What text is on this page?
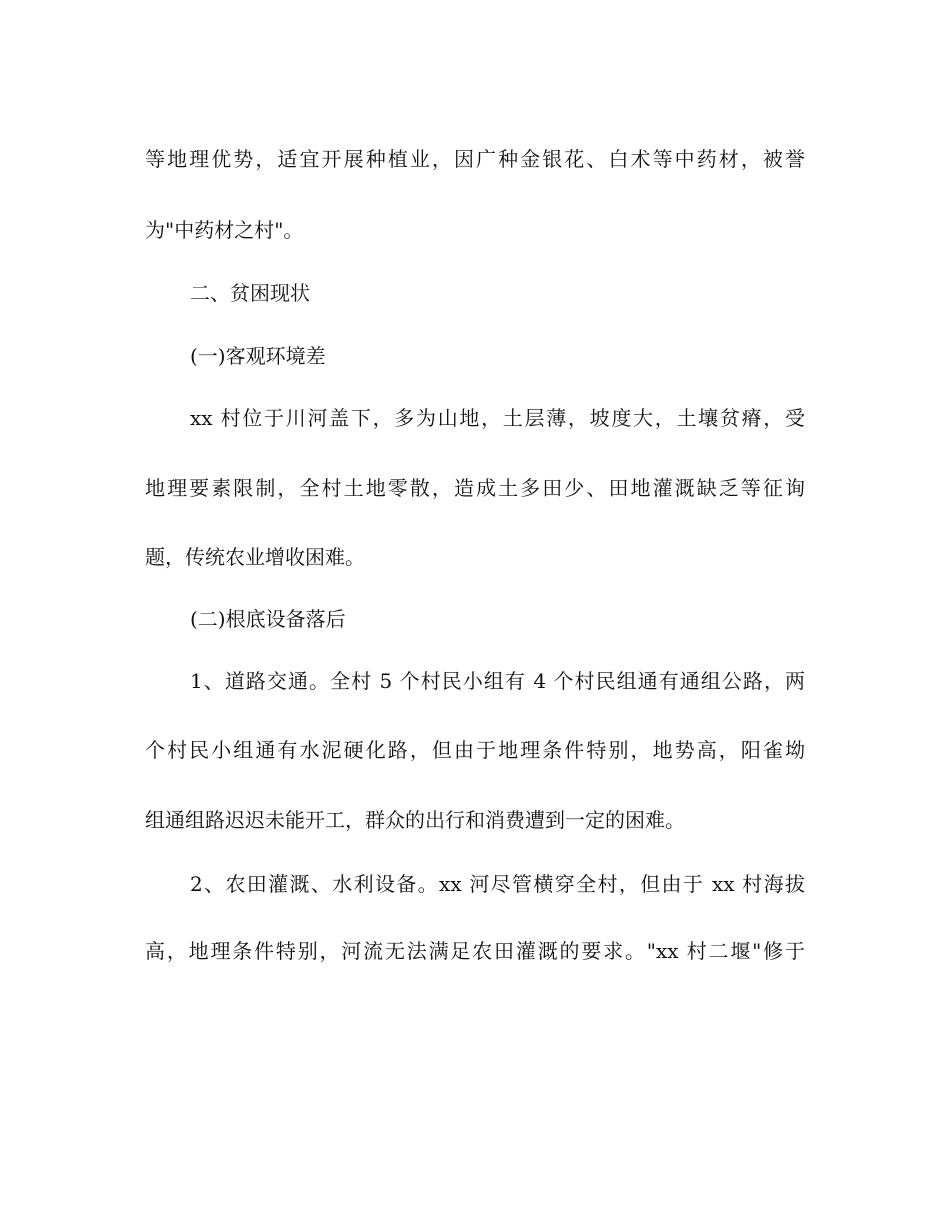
等地理优势，适宜开展种植业，因广种金银花、白术等中药材，被誉
为"中药材之村"。
二、贫困现状
(一)客观环境差
xx 村位于川河盖下，多为山地，土层薄，坡度大，土壤贫瘠，受
地理要素限制，全村土地零散，造成土多田少、田地灌溉缺乏等征询
题，传统农业增收困难。
(二)根底设备落后
1、道路交通。全村 5 个村民小组有 4 个村民组通有通组公路，两
个村民小组通有水泥硬化路，但由于地理条件特别，地势高，阳雀坳
组通组路迟迟未能开工，群众的出行和消费遭到一定的困难。
2、农田灌溉、水利设备。xx 河尽管横穿全村，但由于 xx 村海拔
高，地理条件特别，河流无法满足农田灌溉的要求。"xx 村二堰"修于
